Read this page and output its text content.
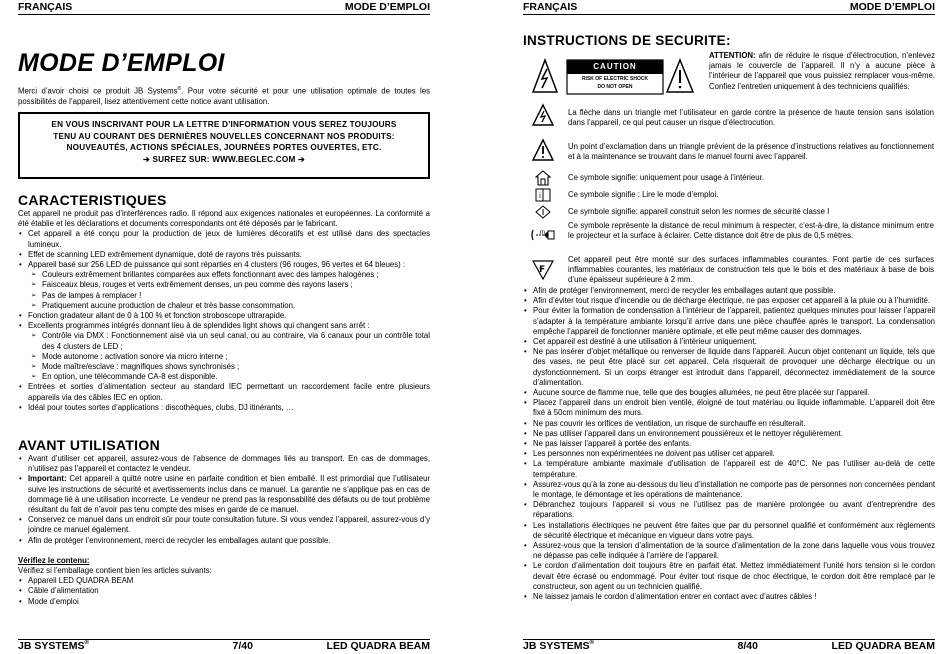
FRANÇAIS	MODE D’EMPLOI
MODE D’EMPLOI
Merci d’avoir choisi ce produit JB Systems®. Pour votre sécurité et pour une utilisation optimale de toutes les possibilités de l’appareil, lisez attentivement cette notice avant utilisation.
EN VOUS INSCRIVANT POUR LA LETTRE D’INFORMATION VOUS SEREZ TOUJOURS
TENU AU COURANT DES DERNIÈRES NOUVELLES CONCERNANT NOS PRODUITS:
NOUVEAUTÉS, ACTIONS SPÉCIALES, JOURNÉES PORTES OUVERTES, ETC.
➔ SURFEZ SUR: WWW.BEGLEC.COM ➔
CARACTERISTIQUES
Cet appareil ne produit pas d’interférences radio. Il répond aux exigences nationales et européennes. La conformité a été établie et les déclarations et documents correspondants ont été déposés par le fabricant.
• Cet appareil a été conçu pour la production de jeux de lumières décoratifs et est utilisé dans des spectacles lumineux.
• Effet de scanning LED extrêmement dynamique, doté de rayons très puissants.
• Appareil basé sur 256 LED de puissance qui sont réparties en 4 clusters (96 rouges, 96 vertes et 64 bleues) :
➢ Couleurs extrêmement brillantes comparées aux effets fonctionnant avec des lampes halogènes ;
➢ Faisceaux bleus, rouges et verts extrêmement denses, un peu comme des rayons lasers ;
➢ Pas de lampes à remplacer !
➢ Pratiquement aucune production de chaleur et très basse consommation.
• Fonction gradateur allant de 0 à 100 % et fonction stroboscope ultrarapide.
• Excellents programmes intégrés donnant lieu à de splendides light shows qui changent sans arrêt :
➢ Contrôle via DMX : Fonctionnement aisé via un seul canal, ou au contraire, via 6 canaux pour un contrôle total des 4 clusters de LED ;
➢ Mode autonome : activation sonore via micro interne ;
➢ Mode maître/esclave : magnifiques shows synchronisés ;
➢ En option, une télécommande CA-8 est disponible.
• Entrées et sorties d’alimentation secteur au standard IEC permettant un raccordement facile entre plusieurs appareils via des câbles IEC en option.
• Idéal pour toutes sortes d’applications : discothèques, clubs, DJ itinérants, …
AVANT UTILISATION
• Avant d’utiliser cet appareil, assurez-vous de l’absence de dommages liés au transport. En cas de dommages, n’utilisez pas l’appareil et contactez le vendeur.
• Important: Cet appareil a quitté notre usine en parfaite condition et bien emballé. Il est primordial que l’utilisateur suive les instructions de sécurité et avertissements inclus dans ce manuel. La garantie ne s’applique pas en cas de dommage lié à une utilisation incorrecte. Le vendeur ne prend pas la responsabilité des défauts ou de tout problème résultant du fait de n’avoir pas tenu compte des mises en garde de ce manuel.
• Conservez ce manuel dans un endroit sûr pour toute consultation future. Si vous vendez l’appareil, assurez-vous d’y joindre ce manuel également.
• Afin de protéger l’environnement, merci de recycler les emballages autant que possible.
Vérifiez le contenu:
Vérifiez si l’emballage contient bien les articles suivants:
• Appareil LED QUADRA BEAM
• Câble d’alimentation
• Mode d’emploi
JB SYSTEMS®	7/40	LED QUADRA BEAM
FRANÇAIS	MODE D’EMPLOI
INSTRUCTIONS DE SECURITE:
CAUTION
RISK OF ELECTRIC SHOCK
DO NOT OPEN
ATTENTION: afin de réduire le risque d’électrocution, n’enlevez jamais le couvercle de l’appareil. Il n’y a aucune pièce à l’intérieur de l’appareil que vous puissiez remplacer vous-même. Confiez l’entretien uniquement à des techniciens qualifiés.
La flèche dans un triangle met l’utilisateur en garde contre la présence de haute tension sans isolation dans l’appareil, ce qui peut causer un risque d’électrocution.
Un point d’exclamation dans un triangle prévient de la présence d’instructions relatives au fonctionnement et à la maintenance se trouvant dans le manuel fourni avec l’appareil.
Ce symbole signifie: uniquement pour usage à l’intérieur.
i	Ce symbole signifie : Lire le mode d’emploi.
Ce symbole signifie: appareil construit selon les normes de sécurité classe I
m
Ce symbole représente la distance de recul minimum à respecter, c’est-à-dire, la distance minimum entre le projecteur et la surface à éclairer. Cette distance doit être de plus de 0,5 mètres.
F
Cet appareil peut être monté sur des surfaces inflammables courantes. Font partie de ces surfaces inflammables courantes, les matériaux de construction tels que le bois et des matériaux à base de bois d’une épaisseur supérieure à 2 mm.
• Afin de protéger l’environnement, merci de recycler les emballages autant que possible.
• Afin d’éviter tout risque d’incendie ou de décharge électrique, ne pas exposer cet appareil à la pluie ou à l’humidité.
• Pour éviter la formation de condensation à l’intérieur de l’appareil, patientez quelques minutes pour laisser l’appareil s’adapter à la température ambiante lorsqu’il arrive dans une pièce chauffée après le transport. La condensation empêche l’appareil de fonctionner manière optimale, et elle peut même causer des dommages.
• Cet appareil est destiné à une utilisation à l’intérieur uniquement.
• Ne pas insérer d’objet métallique ou renverser de liquide dans l’appareil. Aucun objet contenant un liquide, tels que des vases, ne peut être placé sur cet appareil. Cela risquerait de provoquer une décharge électrique ou un dysfonctionnement. Si un corps étranger est introduit dans l’appareil, déconnectez immédiatement de la source d’alimentation.
• Aucune source de flamme nue, telle que des bougies allumées, ne peut être placée sur l’appareil.
• Placez l’appareil dans un endroit bien ventilé, éloigné de tout matériau ou liquide inflammable. L’appareil doit être fixé à 50cm minimum des murs.
• Ne pas couvrir les orifices de ventilation, un risque de surchauffe en résulterait.
• Ne pas utiliser l’appareil dans un environnement poussiéreux et le nettoyer régulièrement.
• Ne pas laisser l’appareil à portée des enfants.
• Les personnes non expérimentées ne doivent pas utiliser cet appareil.
• La température ambiante maximale d’utilisation de l’appareil est de 40°C. Ne pas l’utiliser au-delà de cette température.
• Assurez-vous qu’à la zone au-dessous du lieu d’installation ne comporte pas de personnes non concernées pendant le montage, le démontage et les opérations de maintenance.
• Débranchez toujours l’appareil si vous ne l’utilisez pas de manière prolongée ou avant d’entreprendre des réparations.
• Les installations électriques ne peuvent être faites que par du personnel qualifié et conformément aux règlements de sécurité électrique et mécanique en vigueur dans votre pays.
• Assurez-vous que la tension d’alimentation de la source d’alimentation de la zone dans laquelle vous vous trouvez ne dépasse pas celle indiquée à l’arrière de l’appareil.
• Le cordon d’alimentation doit toujours être en parfait état. Mettez immédiatement l’unité hors tension si le cordon devait être écrasé ou endommagé. Pour éviter tout risque de choc électrique, le cordon doit être remplacé par le constructeur, son agent ou un technicien qualifié.
• Ne laissez jamais le cordon d’alimentation entrer en contact avec d’autres câbles !
JB SYSTEMS®	8/40	LED QUADRA BEAM
